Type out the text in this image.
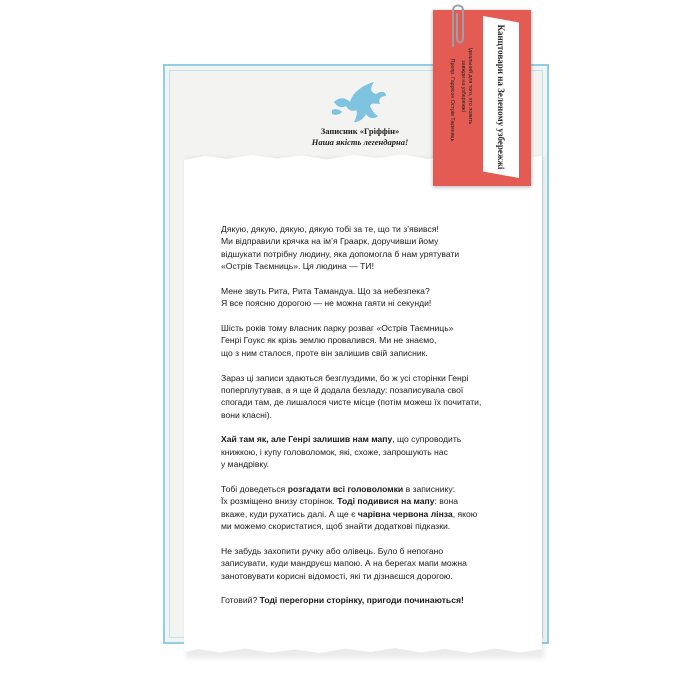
Записник «Гріффін»
Наша якість легендарна!

Дякую, дякую, дякую, дякую тобі за те, що ти з’явився!
Ми відправили крячка на ім’я Граарк, доручивши йому
відшукати потрібну людину, яка допомогла б нам урятувати
«Острів Таємниць». Ця людина — ТИ!

Мене звуть Рита, Рита Тамандуа. Що за небезпека?
Я все поясню дорогою — не можна гаяти ні секунди!

Шість років тому власник парку розваг «Острів Таємниць»
Генрі Гоукс як крізь землю провалився. Ми не знаємо,
що з ним сталося, проте він залишив свій записник.

Зараз ці записи здаються безглуздими, бо ж усі сторінки Генрі
поперплутував, а я ще й додала безладу: позаписувала свої
спогади там, де лишалося чисте місце (потім можеш їх почитати,
вони класні).

Хай там як, але Генрі залишив нам мапу, що супроводить
книжкою, і купу головоломок, які, схоже, запрошують нас
у мандрівку.

Тобі доведеться розгадати всі головоломки в записнику:
Їх розміщено внизу сторінок. Тоді подивися на мапу: вона
вкаже, куди рухатись далі. А ще є чарівна червона лінза, якою
ми можемо скористатися, щоб знайти додаткові підказки.

Не забудь захопити ручку або олівець. Було б непогано
записувати, куди мандруєш мапою. А на берегах мапи можна
занотовувати корисні відомості, які ти дізнаєшся дорогою.

Готовий? Тоді перегорни сторінку, пригоди починаються!

Канцтовари на Зеленому узбережжі
Ідеальний для того, хто ловить
завжди на узбережжі
Пропр. Гаррісон Острів Таємниць
